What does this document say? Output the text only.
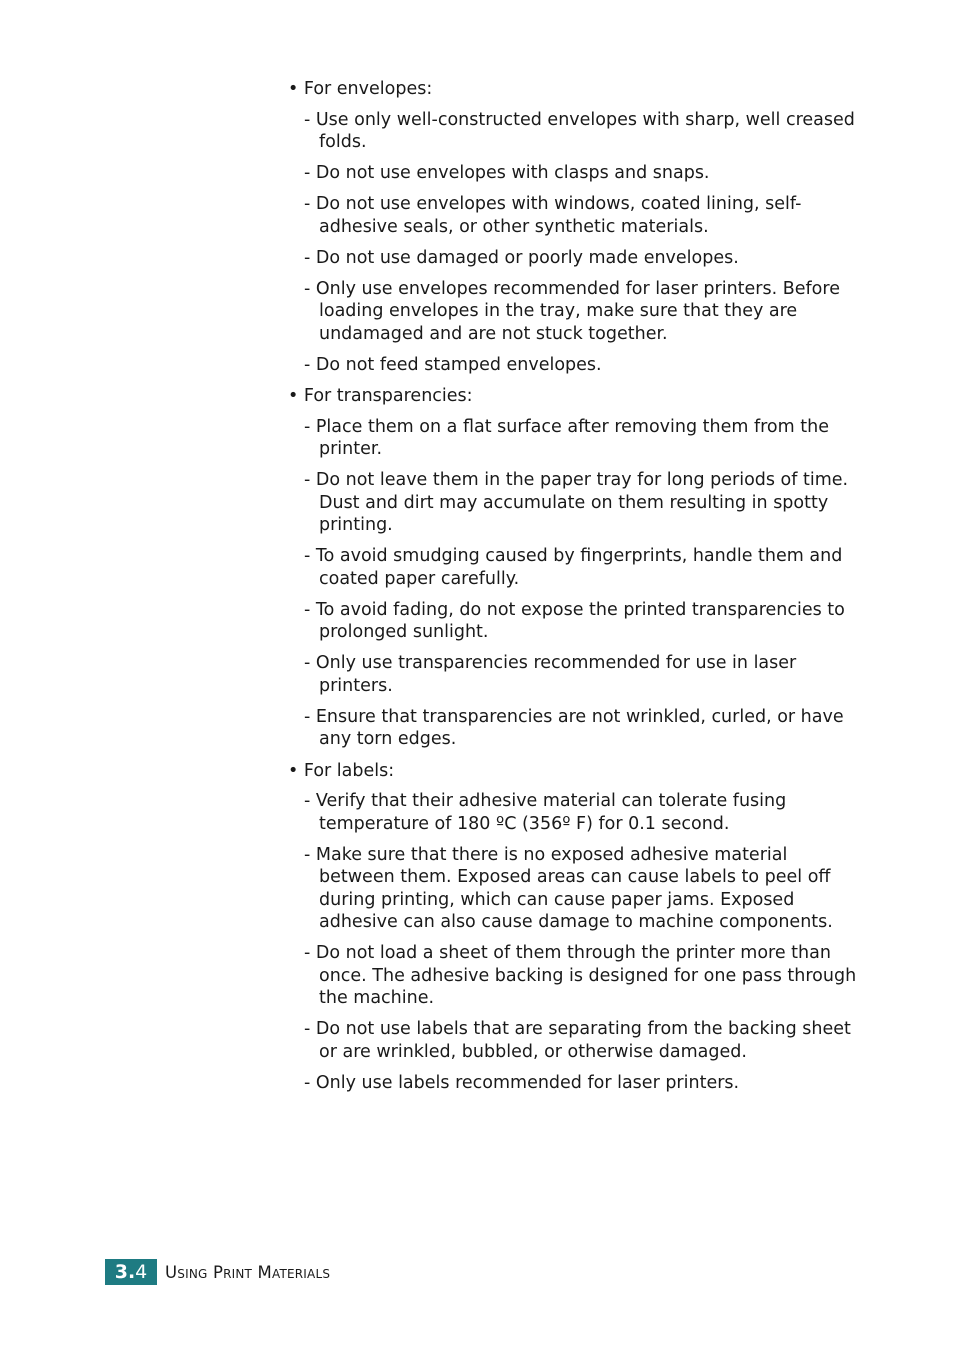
• For envelopes:
- Use only well-constructed envelopes with sharp, well creased folds.
- Do not use envelopes with clasps and snaps.
- Do not use envelopes with windows, coated lining, self-adhesive seals, or other synthetic materials.
- Do not use damaged or poorly made envelopes.
- Only use envelopes recommended for laser printers. Before loading envelopes in the tray, make sure that they are undamaged and are not stuck together.
- Do not feed stamped envelopes.
• For transparencies:
- Place them on a flat surface after removing them from the printer.
- Do not leave them in the paper tray for long periods of time. Dust and dirt may accumulate on them resulting in spotty printing.
- To avoid smudging caused by fingerprints, handle them and coated paper carefully.
- To avoid fading, do not expose the printed transparencies to prolonged sunlight.
- Only use transparencies recommended for use in laser printers.
- Ensure that transparencies are not wrinkled, curled, or have any torn edges.
• For labels:
- Verify that their adhesive material can tolerate fusing temperature of 180 ºC (356º F) for 0.1 second.
- Make sure that there is no exposed adhesive material between them. Exposed areas can cause labels to peel off during printing, which can cause paper jams. Exposed adhesive can also cause damage to machine components.
- Do not load a sheet of them through the printer more than once. The adhesive backing is designed for one pass through the machine.
- Do not use labels that are separating from the backing sheet or are wrinkled, bubbled, or otherwise damaged.
- Only use labels recommended for laser printers.
3. 4 Using Print Materials
